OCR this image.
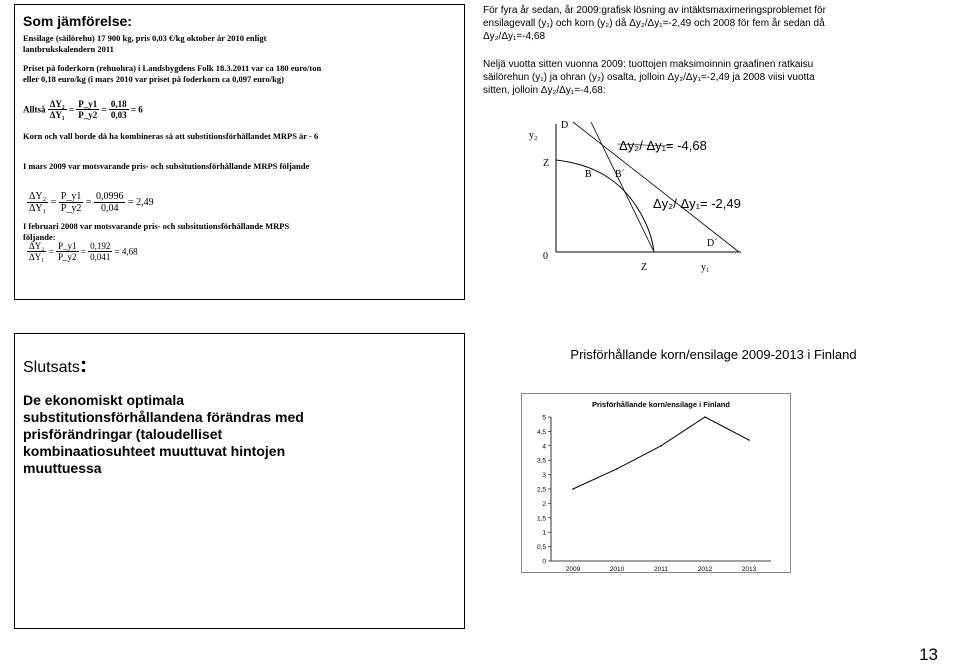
Som jämförelse:
Ensilage (säilörehu) 17 900 kg, pris 0,03 €/kg oktober år 2010 enligt lantbrukskalendern 2011
Priset på foderkorn (rehuohra) i Landsbygdens Folk 18.3.2011 var ca 180 euro/ton eller 0,18 euro/kg (i mars 2010 var priset på foderkorn ca 0,097 euro/kg)
Alltså $\frac{\text{ΔY₂}}{\text{ΔY₁}} = \frac{P\_y1}{P\_y2} = \frac{0,18}{0,03} = 6$
Korn och vall borde då ha kombineras så att substitionsförhållandet MRPS är - 6
I mars 2009 var motsvarande pris- och subsitutionsförhållande MRPS följande
$\frac{\text{ΔY₂}}{\text{ΔY₁}} = \frac{P\_y1}{P\_y2} = \frac{0,0996}{0,04} = 2,49$
I februari 2008 var motsvarande pris- och subsitutionsförhållande MRPS följande:
$\frac{\text{ΔY₂}}{\text{ΔY₁}} = \frac{P\_y1}{P\_y2} = \frac{0,192}{0,041} = 4,68$
För fyra år sedan, år 2009:grafisk lösning av intäktsmaximeringsproblemet för ensilagevall (y₁) och korn (y₂) då Δy₂/Δy₁=-2,49 och 2008 för fem år sedan då Δy₂/Δy₁=-4,68
Neljä vuotta sitten vuonna 2009: tuottojen maksimoinnin graafinen ratkaisu säilörehun (y₁) ja ohran (y₂) osalta, jolloin Δy₂/Δy₁=-2,49 ja 2008 viisi vuotta sitten, jolloin Δy₂/Δy₁=-4,68:
y₂
Z
0
D
B B´
Z	y₁
D´
Δy₂/ Δy₁= -4,68
Δy₂/ Δy₁= -2,49
Slutsats:
De ekonomiskt optimala substitutionsförhållandena förändras med prisförändringar (taloudelliset kombinaatiosuhteet muuttuvat hintojen muuttuessa
Prisförhållande korn/ensilage 2009-2013 i Finland
Prisförhållande korn/ensilage i Finland
0
0,5
1
1,5
2
2,5
3
3,5
4
4,5
5
2009	2010	2011	2012	2013
13
